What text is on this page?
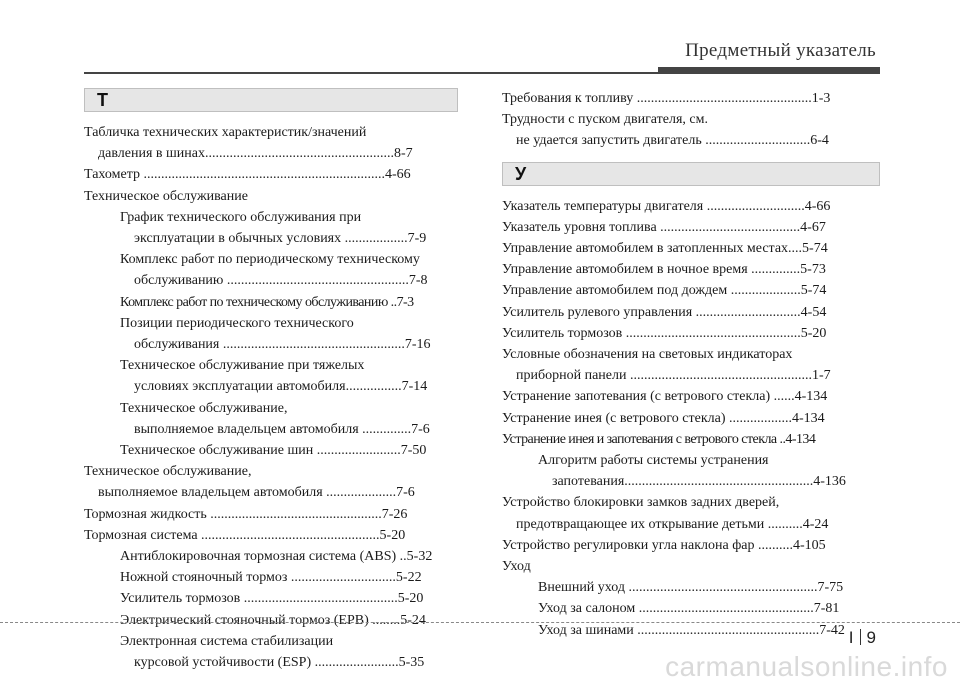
Предметный указатель
Т
Табличка технических характеристик/значений
давления в шинах......................................................8-7
Тахометр .....................................................................4-66
Техническое обслуживание
График технического обслуживания при
эксплуатации в обычных условиях ..................7-9
Комплекс работ по периодическому техническому
обслуживанию ....................................................7-8
Комплекс работ по техническому обслуживанию ..7-3
Позиции периодического технического
обслуживания ....................................................7-16
Техническое обслуживание при тяжелых
условиях эксплуатации автомобиля................7-14
Техническое обслуживание,
выполняемое владельцем автомобиля ..............7-6
Техническое обслуживание шин ........................7-50
Техническое обслуживание,
выполняемое владельцем автомобиля ....................7-6
Тормозная жидкость .................................................7-26
Тормозная система ...................................................5-20
Антиблокировочная тормозная система (ABS) ..5-32
Ножной стояночный тормоз ..............................5-22
Усилитель тормозов ............................................5-20
Электрический стояночный тормоз (EPB) ........5-24
Электронная система стабилизации
курсовой устойчивости (ESP) ........................5-35
Требования к топливу ..................................................1-3
Трудности с пуском двигателя, см.
не удается запустить двигатель ..............................6-4
У
Указатель температуры двигателя ............................4-66
Указатель уровня топлива ........................................4-67
Управление автомобилем в затопленных местах....5-74
Управление автомобилем в ночное время ..............5-73
Управление автомобилем под дождем ....................5-74
Усилитель рулевого управления ..............................4-54
Усилитель тормозов ..................................................5-20
Условные обозначения на световых индикаторах
приборной панели ....................................................1-7
Устранение запотевания (с ветрового стекла) ......4-134
Устранение инея (с ветрового стекла) ..................4-134
Устранение инея и запотевания с ветрового стекла ..4-134
Алгоритм работы системы устранения
запотевания......................................................4-136
Устройство блокировки замков задних дверей,
предотвращающее их открывание детьми ..........4-24
Устройство регулировки угла наклона фар ..........4-105
Уход
Внешний уход ......................................................7-75
Уход за салоном ..................................................7-81
Уход за шинами ....................................................7-42 I 9
carmanualsonline.info
